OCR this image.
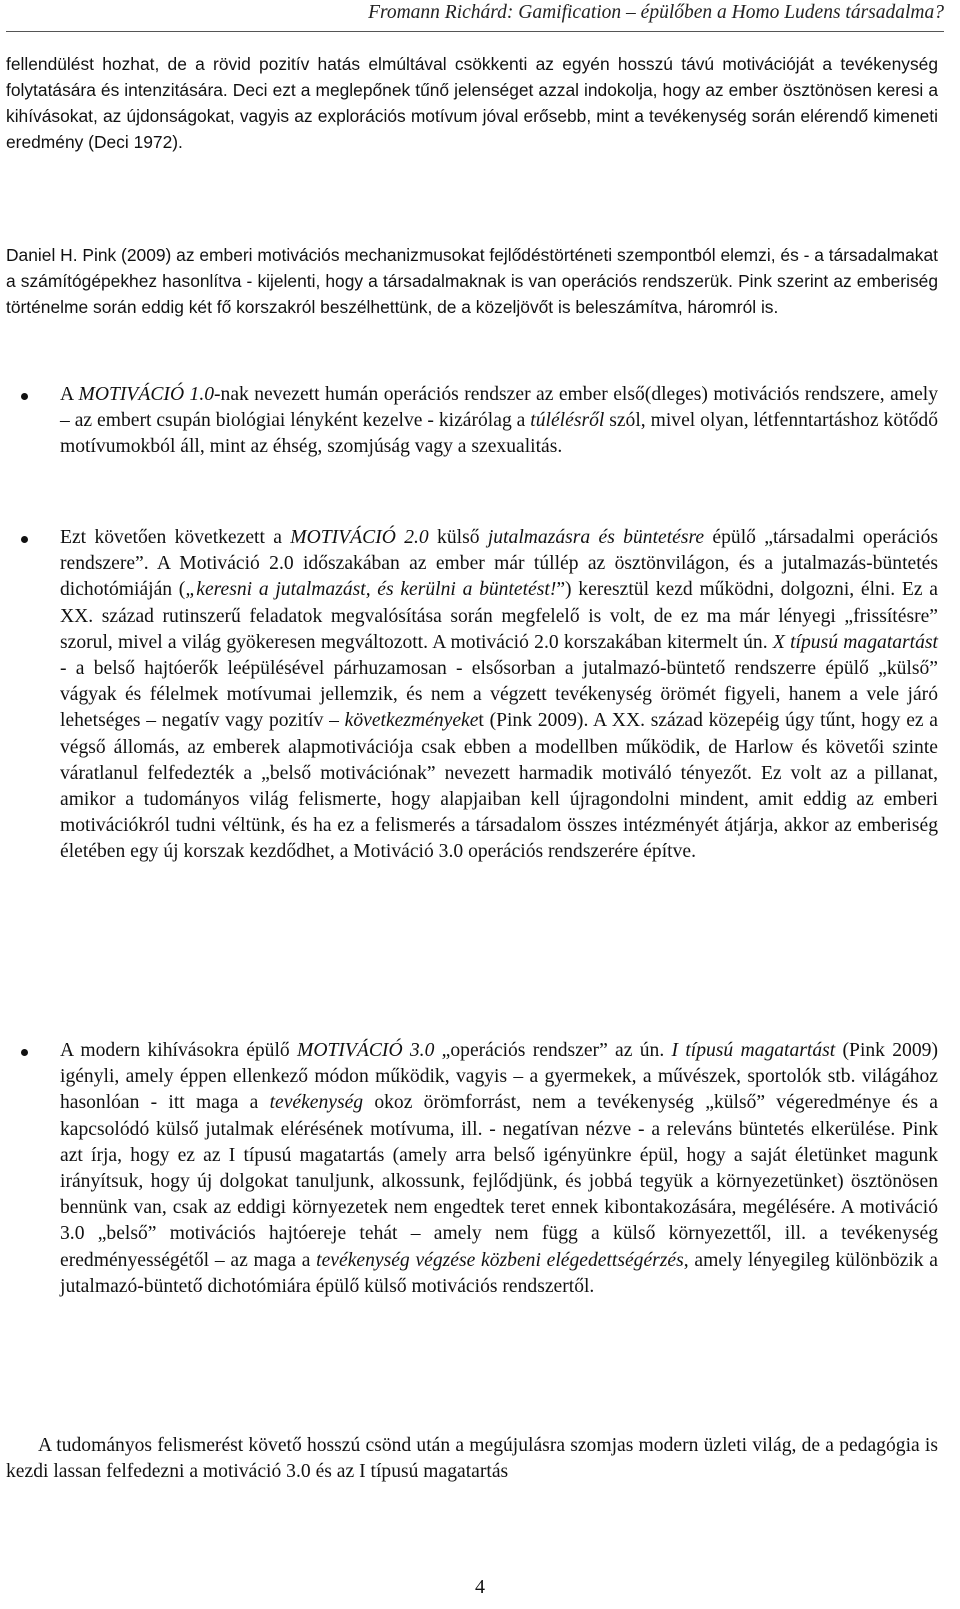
Fromann Richárd: Gamification – épülőben a Homo Ludens társadalma?

fellendülést hozhat, de a rövid pozitív hatás elmúltával csökkenti az egyén hosszú távú motivációját a tevékenység folytatására és intenzitására. Deci ezt a meglepőnek tűnő jelenséget azzal indokolja, hogy az ember ösztönösen keresi a kihívásokat, az újdonságokat, vagyis az explorációs motívum jóval erősebb, mint a tevékenység során elérendő kimeneti eredmény (Deci 1972).

Daniel H. Pink (2009) az emberi motivációs mechanizmusokat fejlődéstörténeti szempontból elemzi, és - a társadalmakat a számítógépekhez hasonlítva - kijelenti, hogy a társadalmaknak is van operációs rendszerük. Pink szerint az emberiség történelme során eddig két fő korszakról beszélhettünk, de a közeljövőt is beleszámítva, háromról is.

A MOTIVÁCIÓ 1.0-nak nevezett humán operációs rendszer az ember első(dleges) motivációs rendszere, amely – az embert csupán biológiai lényként kezelve - kizárólag a túlélésről szól, mivel olyan, létfenntartáshoz kötődő motívumokból áll, mint az éhség, szomjúság vagy a szexualitás.

Ezt követően következett a MOTIVÁCIÓ 2.0 külső jutalmazásra és büntetésre épülő „társadalmi operációs rendszere”. A Motiváció 2.0 időszakában az ember már túllép az ösztönvilágon, és a jutalmazás-büntetés dichotómiáján („keresni a jutalmazást, és kerülni a büntetést!”) keresztül kezd működni, dolgozni, élni. Ez a XX. század rutinszerű feladatok megvalósítása során megfelelő is volt, de ez ma már lényegi „frissítésre” szorul, mivel a világ gyökeresen megváltozott. A motiváció 2.0 korszakában kitermelt ún. X típusú magatartást - a belső hajtóerők leépülésével párhuzamosan - elsősorban a jutalmazó-büntető rendszerre épülő „külső” vágyak és félelmek motívumai jellemzik, és nem a végzett tevékenység örömét figyeli, hanem a vele járó lehetséges – negatív vagy pozitív – következményeket (Pink 2009). A XX. század közepéig úgy tűnt, hogy ez a végső állomás, az emberek alapmotivációja csak ebben a modellben működik, de Harlow és követői szinte váratlanul felfedezték a „belső motivációnak” nevezett harmadik motiváló tényezőt. Ez volt az a pillanat, amikor a tudományos világ felismerte, hogy alapjaiban kell újragondolni mindent, amit eddig az emberi motivációkról tudni véltünk, és ha ez a felismerés a társadalom összes intézményét átjárja, akkor az emberiség életében egy új korszak kezdődhet, a Motiváció 3.0 operációs rendszerére építve.

A modern kihívásokra épülő MOTIVÁCIÓ 3.0 „operációs rendszer” az ún. I típusú magatartást (Pink 2009) igényli, amely éppen ellenkező módon működik, vagyis – a gyermekek, a művészek, sportolók stb. világához hasonlóan - itt maga a tevékenység okoz örömforrást, nem a tevékenység „külső” végeredménye és a kapcsolódó külső jutalmak elérésének motívuma, ill. - negatívan nézve - a releváns büntetés elkerülése. Pink azt írja, hogy ez az I típusú magatartás (amely arra belső igényünkre épül, hogy a saját életünket magunk irányítsuk, hogy új dolgokat tanuljunk, alkossunk, fejlődjünk, és jobbá tegyük a környezetünket) ösztönösen bennünk van, csak az eddigi környezetek nem engedtek teret ennek kibontakozására, megélésére. A motiváció 3.0 „belső” motivációs hajtóereje tehát – amely nem függ a külső környezettől, ill. a tevékenység eredményességétől – az maga a tevékenység végzése közbeni elégedettségérzés, amely lényegileg különbözik a jutalmazó-büntető dichotómiára épülő külső motivációs rendszertől.

A tudományos felismerést követő hosszú csönd után a megújulásra szomjas modern üzleti világ, de a pedagógia is kezdi lassan felfedezni a motiváció 3.0 és az I típusú magatartás

4
